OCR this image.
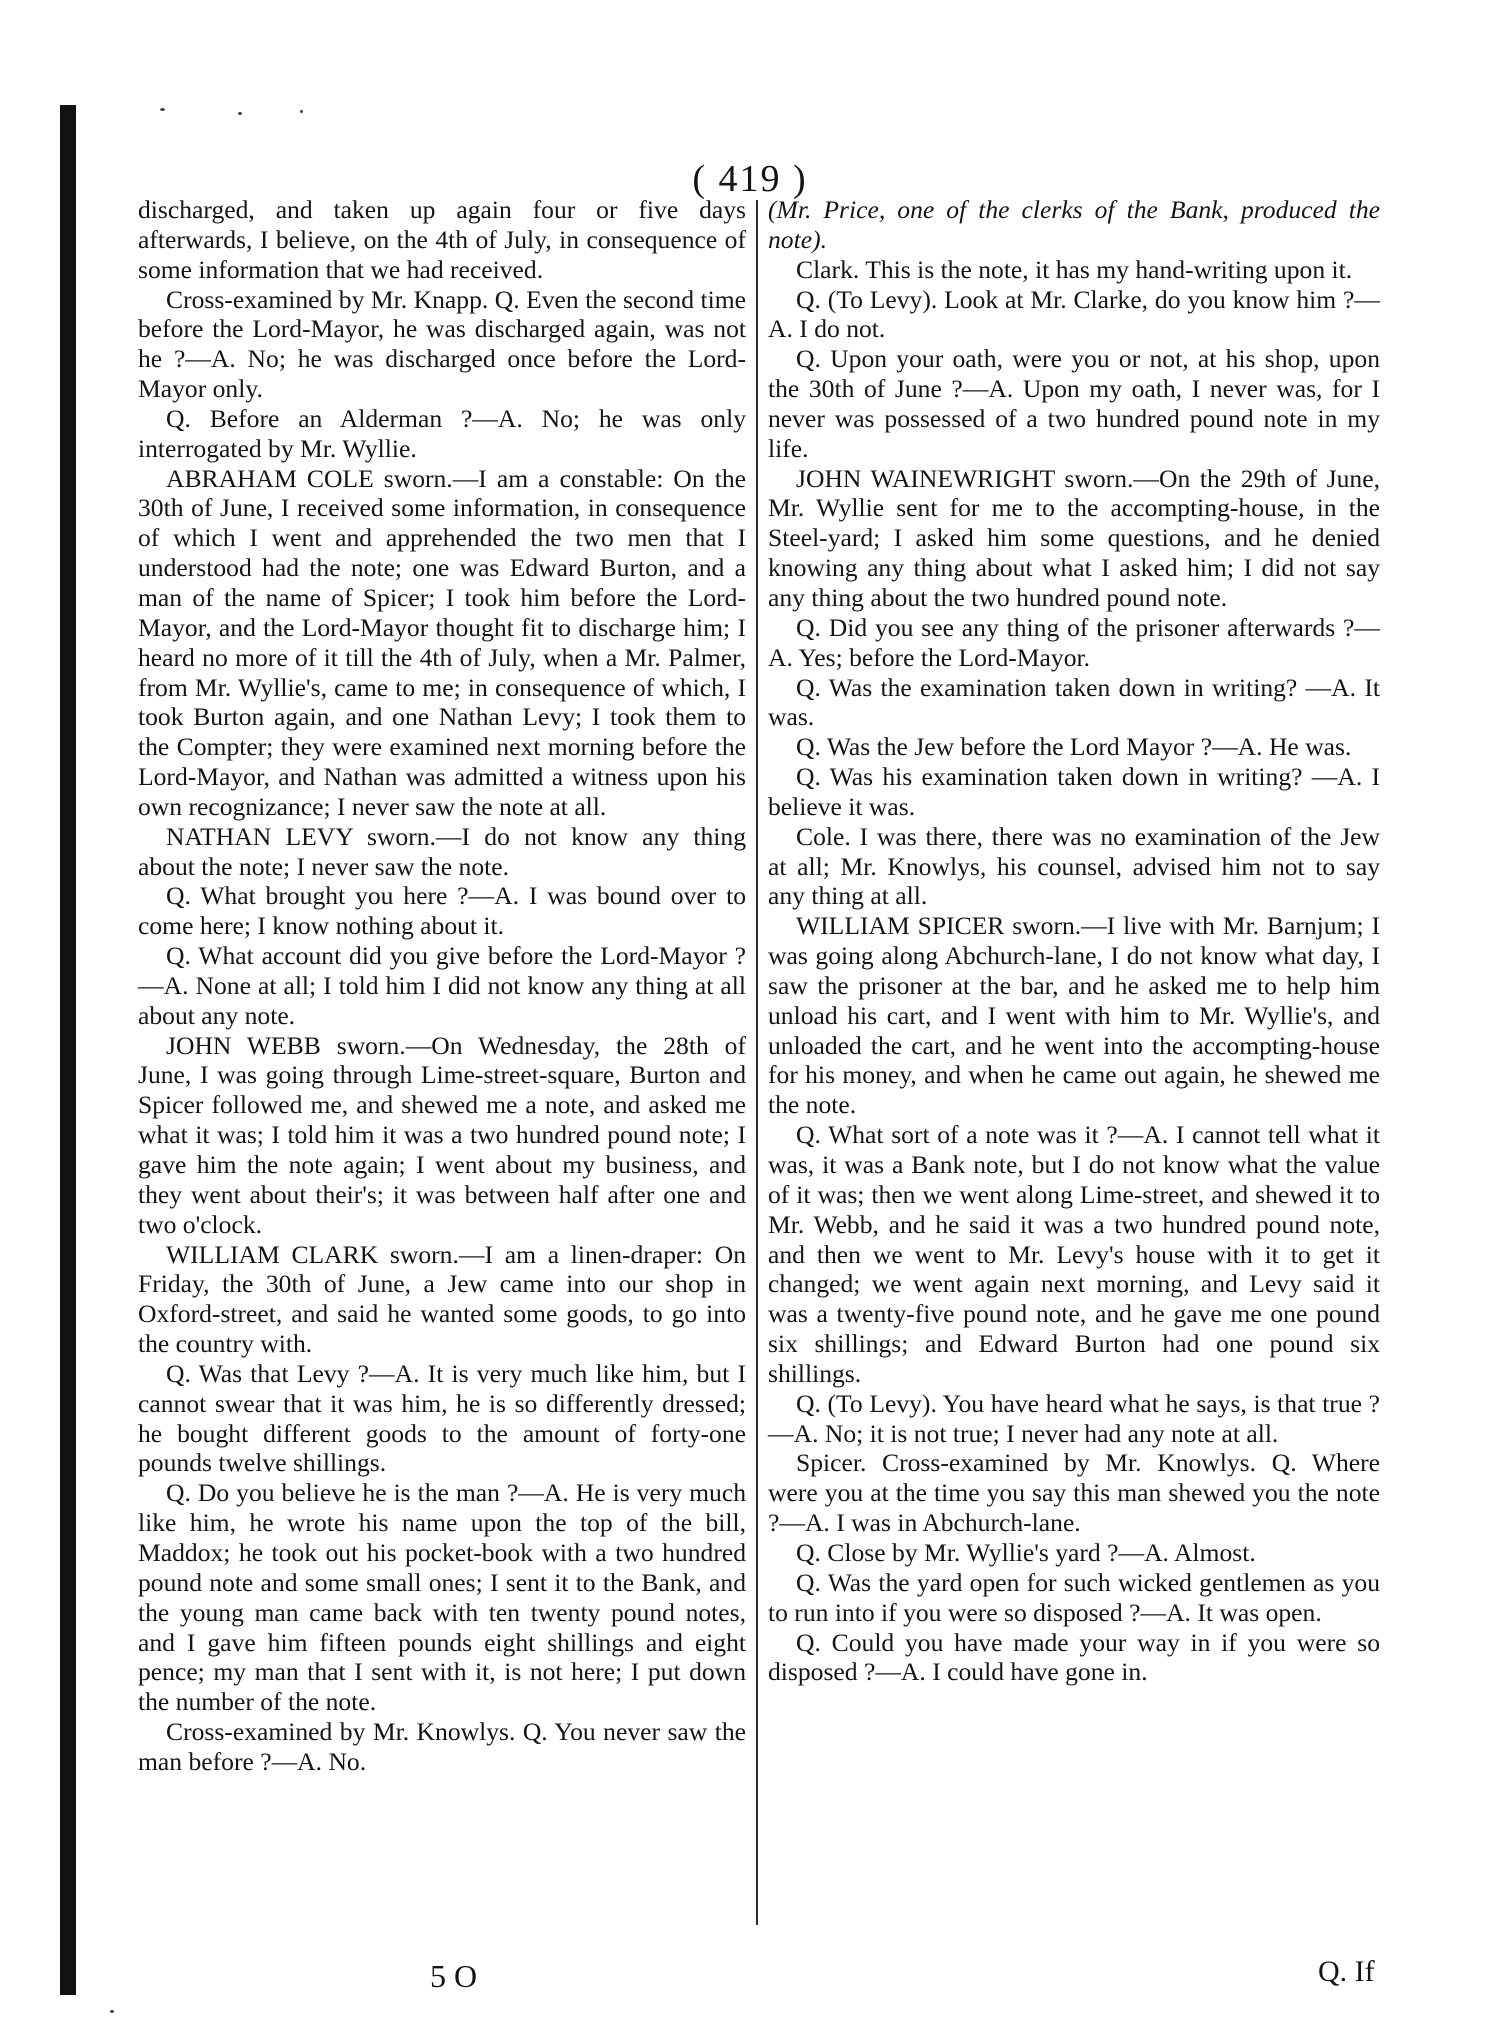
( 419 )

discharged, and taken up again four or five days afterwards, I believe, on the 4th of July, in consequence of some information that we had received.

Cross-examined by Mr. Knapp. Q. Even the second time before the Lord-Mayor, he was discharged again, was not he ?—A. No; he was discharged once before the Lord-Mayor only.

Q. Before an Alderman ?—A. No; he was only interrogated by Mr. Wyllie.

ABRAHAM COLE sworn.—I am a constable: On the 30th of June, I received some information, in consequence of which I went and apprehended the two men that I understood had the note; one was Edward Burton, and a man of the name of Spicer; I took him before the Lord-Mayor, and the Lord-Mayor thought fit to discharge him; I heard no more of it till the 4th of July, when a Mr. Palmer, from Mr. Wyllie's, came to me; in consequence of which, I took Burton again, and one Nathan Levy; I took them to the Compter; they were examined next morning before the Lord-Mayor, and Nathan was admitted a witness upon his own recognizance; I never saw the note at all.

NATHAN LEVY sworn.—I do not know any thing about the note; I never saw the note.

Q. What brought you here ?—A. I was bound over to come here; I know nothing about it.

Q. What account did you give before the Lord-Mayor ?—A. None at all; I told him I did not know any thing at all about any note.

JOHN WEBB sworn.—On Wednesday, the 28th of June, I was going through Lime-street-square, Burton and Spicer followed me, and shewed me a note, and asked me what it was; I told him it was a two hundred pound note; I gave him the note again; I went about my business, and they went about their's; it was between half after one and two o'clock.

WILLIAM CLARK sworn.—I am a linen-draper: On Friday, the 30th of June, a Jew came into our shop in Oxford-street, and said he wanted some goods, to go into the country with.

Q. Was that Levy ?—A. It is very much like him, but I cannot swear that it was him, he is so differently dressed; he bought different goods to the amount of forty-one pounds twelve shillings.

Q. Do you believe he is the man ?—A. He is very much like him, he wrote his name upon the top of the bill, Maddox; he took out his pocket-book with a two hundred pound note and some small ones; I sent it to the Bank, and the young man came back with ten twenty pound notes, and I gave him fifteen pounds eight shillings and eight pence; my man that I sent with it, is not here; I put down the number of the note.

Cross-examined by Mr. Knowlys. Q. You never saw the man before ?—A. No.

(Mr. Price, one of the clerks of the Bank, produced the note).

Clark. This is the note, it has my hand-writing upon it.

Q. (To Levy). Look at Mr. Clarke, do you know him ?—A. I do not.

Q. Upon your oath, were you or not, at his shop, upon the 30th of June ?—A. Upon my oath, I never was, for I never was possessed of a two hundred pound note in my life.

JOHN WAINEWRIGHT sworn.—On the 29th of June, Mr. Wyllie sent for me to the accompting-house, in the Steel-yard; I asked him some questions, and he denied knowing any thing about what I asked him; I did not say any thing about the two hundred pound note.

Q. Did you see any thing of the prisoner afterwards ?—A. Yes; before the Lord-Mayor.

Q. Was the examination taken down in writing? —A. It was.

Q. Was the Jew before the Lord Mayor ?—A. He was.

Q. Was his examination taken down in writing? —A. I believe it was.

Cole. I was there, there was no examination of the Jew at all; Mr. Knowlys, his counsel, advised him not to say any thing at all.

WILLIAM SPICER sworn.—I live with Mr. Barnjum; I was going along Abchurch-lane, I do not know what day, I saw the prisoner at the bar, and he asked me to help him unload his cart, and I went with him to Mr. Wyllie's, and unloaded the cart, and he went into the accompting-house for his money, and when he came out again, he shewed me the note.

Q. What sort of a note was it ?—A. I cannot tell what it was, it was a Bank note, but I do not know what the value of it was; then we went along Lime-street, and shewed it to Mr. Webb, and he said it was a two hundred pound note, and then we went to Mr. Levy's house with it to get it changed; we went again next morning, and Levy said it was a twenty-five pound note, and he gave me one pound six shillings; and Edward Burton had one pound six shillings.

Q. (To Levy). You have heard what he says, is that true ?—A. No; it is not true; I never had any note at all.

Spicer. Cross-examined by Mr. Knowlys. Q. Where were you at the time you say this man shewed you the note ?—A. I was in Abchurch-lane.

Q. Close by Mr. Wyllie's yard ?—A. Almost.

Q. Was the yard open for such wicked gentlemen as you to run into if you were so disposed ?—A. It was open.

Q. Could you have made your way in if you were so disposed ?—A. I could have gone in.

5 O	Q. If
